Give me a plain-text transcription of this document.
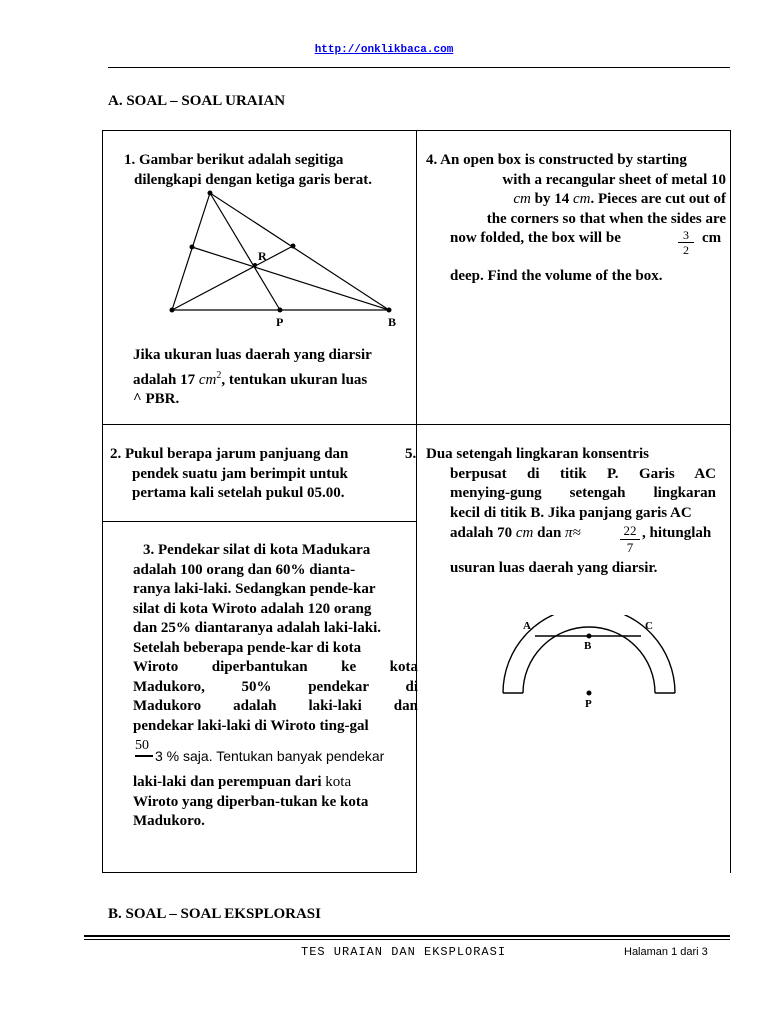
http://onklikbaca.com
A. SOAL – SOAL URAIAN
1. Gambar berikut adalah segitiga
dilengkapi dengan ketiga garis berat.
R
P	B
Jika ukuran luas daerah yang diarsir
adalah 17 $cm^2$, tentukan ukuran luas
^ PBR.
4. An open box is constructed by starting
with a recangular sheet of metal 10
cm by 14 cm. Pieces are cut out of
the corners so that when the sides are
now folded, the box will be	$\frac{3}{2}$ cm
deep. Find the volume of the box.
2. Pukul berapa jarum panjuang dan
pendek suatu jam berimpit untuk
pertama kali setelah pukul 05.00.
5. Dua setengah lingkaran konsentris
berpusat di titik P. Garis AC
menying-gung setengah lingkaran
kecil di titik B. Jika panjang garis AC
adalah 70 cm dan π≈	$\frac{22}{7}$ , hitunglah
usuran luas daerah yang diarsir.
A	C
B
P
3. Pendekar silat di kota Madukara
adalah 100 orang dan 60% dianta-
ranya laki-laki. Sedangkan pende-kar
silat di kota Wiroto adalah 120 orang
dan 25% diantaranya adalah laki-laki.
Setelah beberapa pende-kar di kota
Wiroto diperbantukan ke kota
Madukoro, 50% pendekar di
Madukoro adalah laki-laki dan
pendekar laki-laki di Wiroto ting-gal
50
3 % saja. Tentukan banyak pendekar
laki-laki dan perempuan dari kota
Wiroto yang diperban-tukan ke kota
Madukoro.
B. SOAL – SOAL EKSPLORASI
TES URAIAN DAN EKSPLORASI	Halaman 1 dari 3
